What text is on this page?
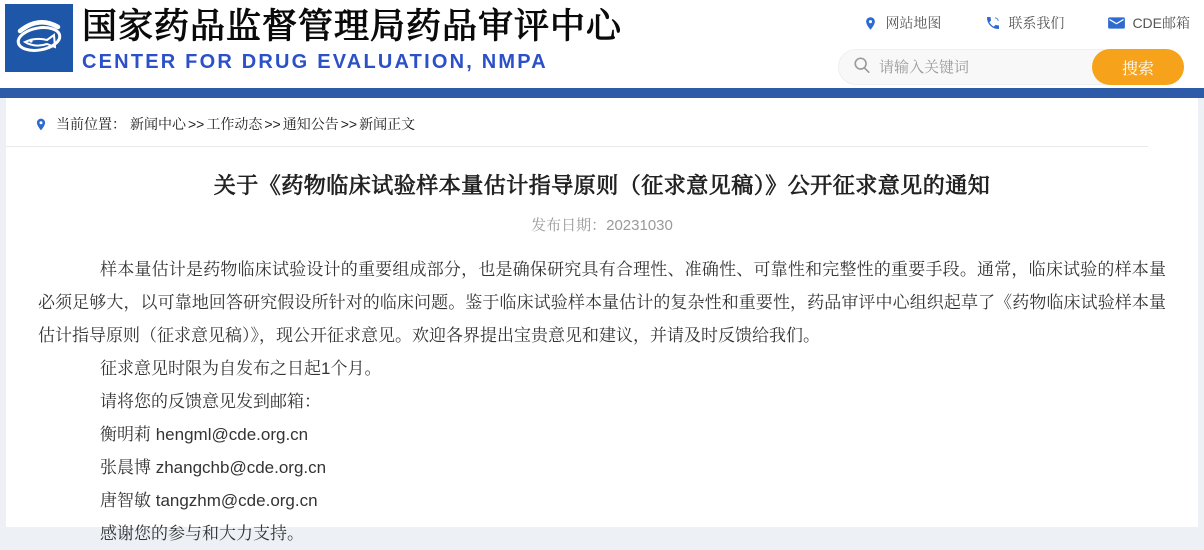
国家药品监督管理局药品审评中心
CENTER FOR DRUG EVALUATION, NMPA
网站地图	联系我们	CDE邮箱
请输入关键词
搜索
当前位置： 新闻中心 >> 工作动态 >> 通知公告 >> 新闻正文
关于《药物临床试验样本量估计指导原则（征求意见稿）》公开征求意见的通知
发布日期：20231030

样本量估计是药物临床试验设计的重要组成部分，也是确保研究具有合理性、准确性、可靠性和完整性的重要手段。通常，临床试验的样本量必须足够大，以可靠地回答研究假设所针对的临床问题。鉴于临床试验样本量估计的复杂性和重要性，药品审评中心组织起草了《药物临床试验样本量估计指导原则（征求意见稿）》，现公开征求意见。欢迎各界提出宝贵意见和建议，并请及时反馈给我们。

征求意见时限为自发布之日起1个月。

请将您的反馈意见发到邮箱：

衡明莉 hengml@cde.org.cn

张晨博 zhangchb@cde.org.cn

唐智敏 tangzhm@cde.org.cn

感谢您的参与和大力支持。
